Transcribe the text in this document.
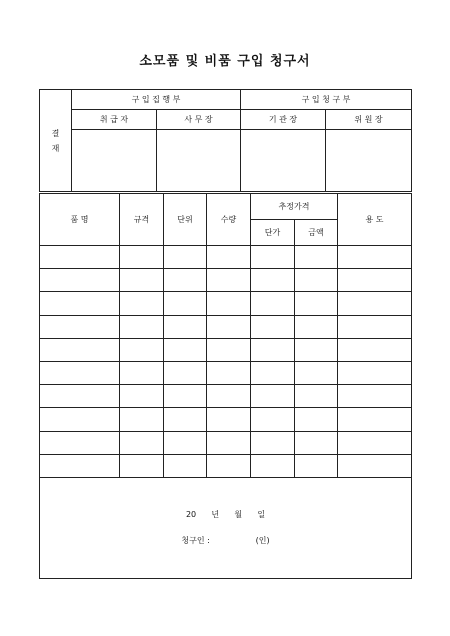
소모품 및 비품 구입 청구서
결
재	구 입 집 행 부		구 입 청 구 부	
	취 급 자	사 무 장	기 관 장	위 원 장

품 명	규격	단위	수량	추정가격		용 도
				단가	금액	

20      년      월      일
청구인 :                  (인)						
